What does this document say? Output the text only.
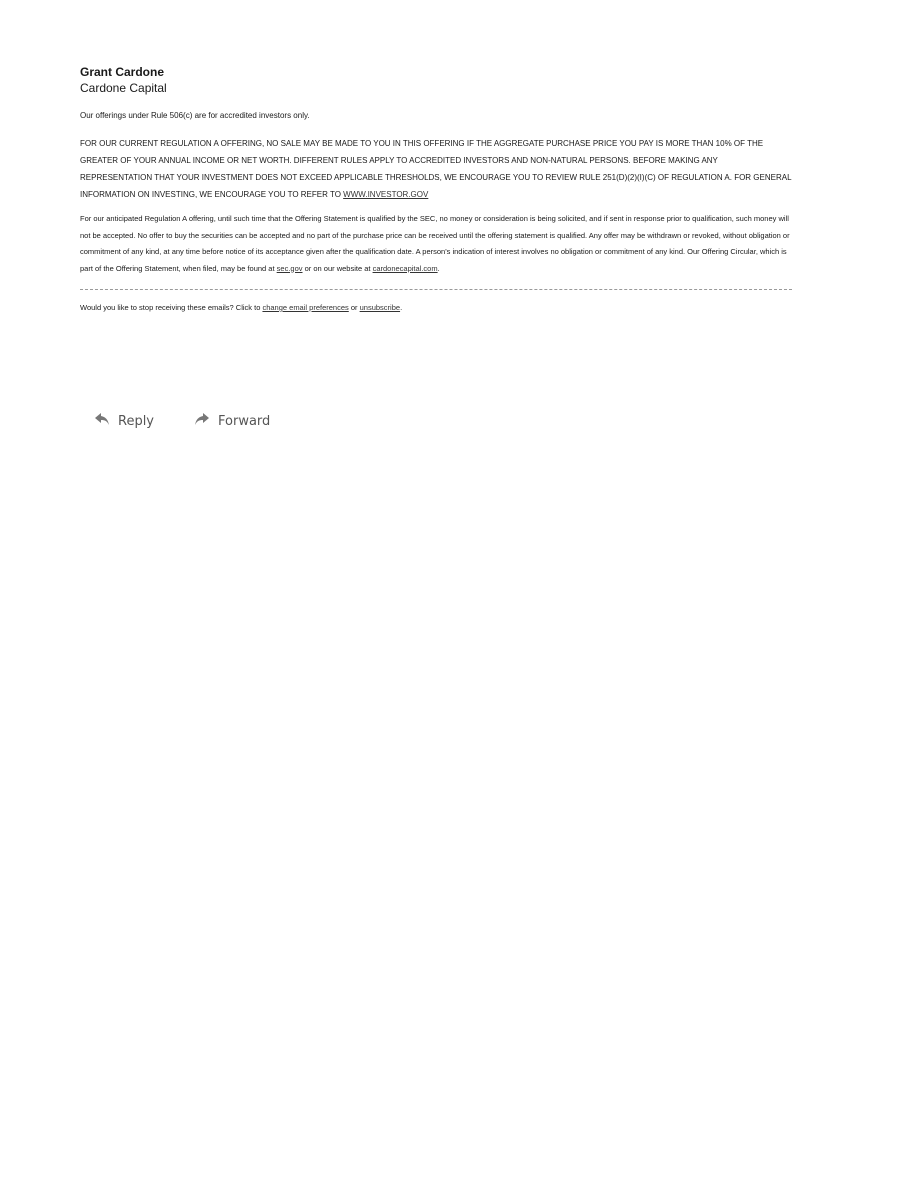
Grant Cardone

Cardone Capital

Our offerings under Rule 506(c) are for accredited investors only.

FOR OUR CURRENT REGULATION A OFFERING, NO SALE MAY BE MADE TO YOU IN THIS OFFERING IF THE AGGREGATE PURCHASE PRICE YOU PAY IS MORE THAN 10% OF THE GREATER OF YOUR ANNUAL INCOME OR NET WORTH. DIFFERENT RULES APPLY TO ACCREDITED INVESTORS AND NON-NATURAL PERSONS. BEFORE MAKING ANY REPRESENTATION THAT YOUR INVESTMENT DOES NOT EXCEED APPLICABLE THRESHOLDS, WE ENCOURAGE YOU TO REVIEW RULE 251(D)(2)(I)(C) OF REGULATION A. FOR GENERAL INFORMATION ON INVESTING, WE ENCOURAGE YOU TO REFER TO WWW.INVESTOR.GOV

For our anticipated Regulation A offering, until such time that the Offering Statement is qualified by the SEC, no money or consideration is being solicited, and if sent in response prior to qualification, such money will not be accepted. No offer to buy the securities can be accepted and no part of the purchase price can be received until the offering statement is qualified. Any offer may be withdrawn or revoked, without obligation or commitment of any kind, at any time before notice of its acceptance given after the qualification date. A person's indication of interest involves no obligation or commitment of any kind. Our Offering Circular, which is part of the Offering Statement, when filed, may be found at sec.gov or on our website at cardonecapital.com.

Would you like to stop receiving these emails? Click to change email preferences or unsubscribe.

Reply	Forward
